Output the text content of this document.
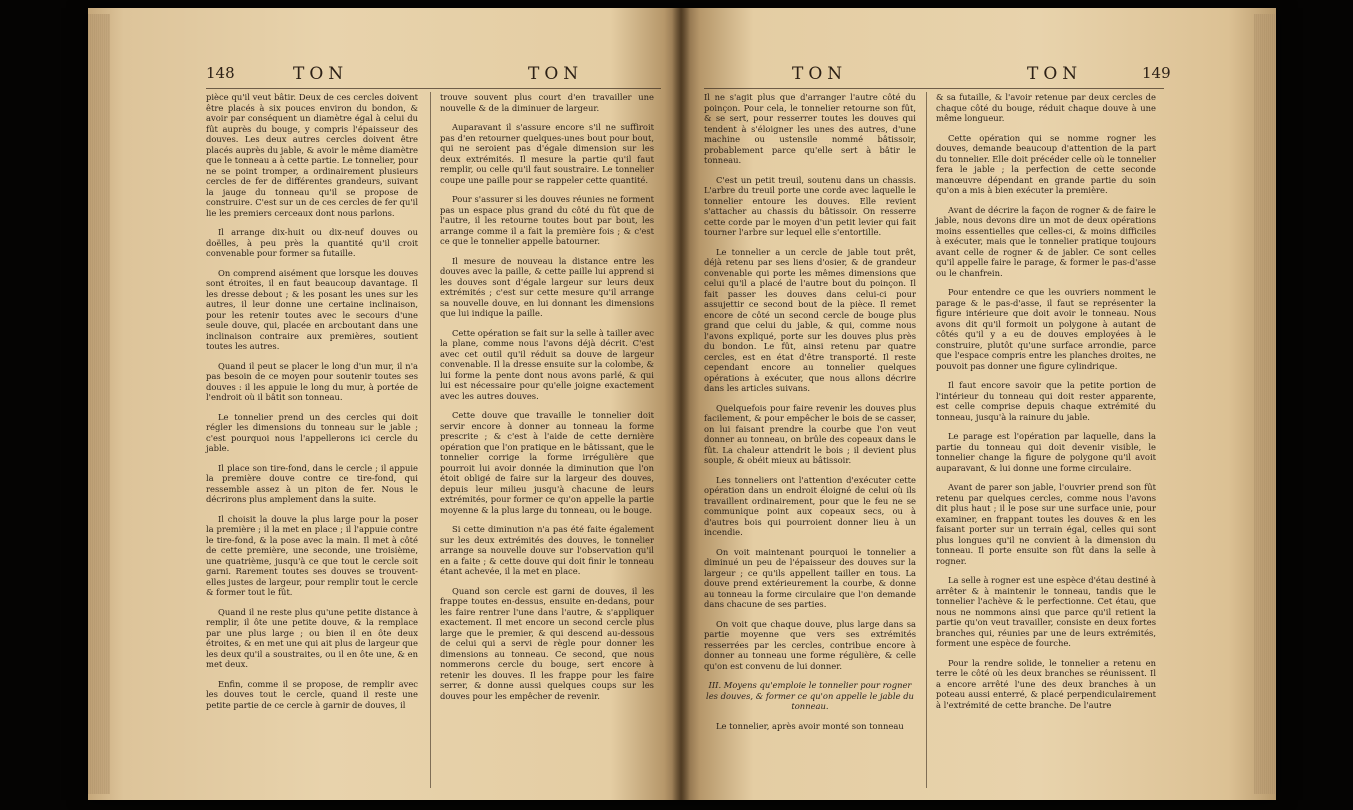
148	TON	TON

pièce qu'il veut bâtir. Deux de ces cercles doivent être placés à six pouces environ du bondon, & avoir par conséquent un diamètre égal à celui du fût auprès du bouge, y compris l'épaisseur des douves. Les deux autres cercles doivent être placés auprès du jable, & avoir le même diamètre que le tonneau a à cette partie. Le tonnelier, pour ne se point tromper, a ordinairement plusieurs cercles de fer de différentes grandeurs, suivant la jauge du tonneau qu'il se propose de construire. C'est sur un de ces cercles de fer qu'il lie les premiers cerceaux dont nous parlons.

Il arrange dix-huit ou dix-neuf douves ou doëlles, à peu près la quantité qu'il croit convenable pour former sa futaille.

On comprend aisément que lorsque les douves sont étroites, il en faut beaucoup davantage. Il les dresse debout ; & les posant les unes sur les autres, il leur donne une certaine inclinaison, pour les retenir toutes avec le secours d'une seule douve, qui, placée en arcboutant dans une inclinaison contraire aux premières, soutient toutes les autres.

Quand il peut se placer le long d'un mur, il n'a pas besoin de ce moyen pour soutenir toutes ses douves : il les appuie le long du mur, à portée de l'endroit où il bâtit son tonneau.

Le tonnelier prend un des cercles qui doit régler les dimensions du tonneau sur le jable ; c'est pourquoi nous l'appellerons ici cercle du jable.

Il place son tire-fond, dans le cercle ; il appuie la première douve contre ce tire-fond, qui ressemble assez à un piton de fer. Nous le décrirons plus amplement dans la suite.

Il choisit la douve la plus large pour la poser la première ; il la met en place ; il l'appuie contre le tire-fond, & la pose avec la main. Il met à côté de cette première, une seconde, une troisième, une quatrième, jusqu'à ce que tout le cercle soit garni. Rarement toutes ses douves se trouvent-elles justes de largeur, pour remplir tout le cercle & former tout le fût.

Quand il ne reste plus qu'une petite distance à remplir, il ôte une petite douve, & la remplace par une plus large ; ou bien il en ôte deux étroites, & en met une qui ait plus de largeur que les deux qu'il a soustraites, ou il en ôte une, & en met deux.

Enfin, comme il se propose, de remplir avec les douves tout le cercle, quand il reste une petite partie de ce cercle à garnir de douves, il

trouve souvent plus court d'en travailler une nouvelle & de la diminuer de largeur.

Auparavant il s'assure encore s'il ne suffiroit pas d'en retourner quelques-unes bout pour bout, qui ne seroient pas d'égale dimension sur les deux extrémités. Il mesure la partie qu'il faut remplir, ou celle qu'il faut soustraire. Le tonnelier coupe une paille pour se rappeler cette quantité.

Pour s'assurer si les douves réunies ne forment pas un espace plus grand du côté du fût que de l'autre, il les retourne toutes bout par bout, les arrange comme il a fait la première fois ; & c'est ce que le tonnelier appelle batourner.

Il mesure de nouveau la distance entre les douves avec la paille, & cette paille lui apprend si les douves sont d'égale largeur sur leurs deux extrémités ; c'est sur cette mesure qu'il arrange sa nouvelle douve, en lui donnant les dimensions que lui indique la paille.

Cette opération se fait sur la selle à tailler avec la plane, comme nous l'avons déjà décrit. C'est avec cet outil qu'il réduit sa douve de largeur convenable. Il la dresse ensuite sur la colombe, & lui forme la pente dont nous avons parlé, & qui lui est nécessaire pour qu'elle joigne exactement avec les autres douves.

Cette douve que travaille le tonnelier doit servir encore à donner au tonneau la forme prescrite ; & c'est à l'aide de cette dernière opération que l'on pratique en le bâtissant, que le tonnelier corrige la forme irrégulière que pourroit lui avoir donnée la diminution que l'on étoit obligé de faire sur la largeur des douves, depuis leur milieu jusqu'à chacune de leurs extrémités, pour former ce qu'on appelle la partie moyenne & la plus large du tonneau, ou le bouge.

Si cette diminution n'a pas été faite également sur les deux extrémités des douves, le tonnelier arrange sa nouvelle douve sur l'observation qu'il en a faite ; & cette douve qui doit finir le tonneau étant achevée, il la met en place.

Quand son cercle est garni de douves, il les frappe toutes en-dessus, ensuite en-dedans, pour les faire rentrer l'une dans l'autre, & s'appliquer exactement. Il met encore un second cercle plus large que le premier, & qui descend au-dessous de celui qui a servi de règle pour donner les dimensions au tonneau. Ce second, que nous nommerons cercle du bouge, sert encore à retenir les douves. Il les frappe pour les faire serrer, & donne aussi quelques coups sur les douves pour les empêcher de revenir.

TON	TON	149

Il ne s'agit plus que d'arranger l'autre côté du poinçon. Pour cela, le tonnelier retourne son fût, & se sert, pour resserrer toutes les douves qui tendent à s'éloigner les unes des autres, d'une machine ou ustensile nommé bâtissoir, probablement parce qu'elle sert à bâtir le tonneau.

C'est un petit treuil, soutenu dans un chassis. L'arbre du treuil porte une corde avec laquelle le tonnelier entoure les douves. Elle revient s'attacher au chassis du bâtissoir. On resserre cette corde par le moyen d'un petit levier qui fait tourner l'arbre sur lequel elle s'entortille.

Le tonnelier a un cercle de jable tout prêt, déjà retenu par ses liens d'osier, & de grandeur convenable qui porte les mêmes dimensions que celui qu'il a placé de l'autre bout du poinçon. Il fait passer les douves dans celui-ci pour assujettir ce second bout de la pièce. Il remet encore de côté un second cercle de bouge plus grand que celui du jable, & qui, comme nous l'avons expliqué, porte sur les douves plus près du bondon. Le fût, ainsi retenu par quatre cercles, est en état d'être transporté. Il reste cependant encore au tonnelier quelques opérations à exécuter, que nous allons décrire dans les articles suivans.

Quelquefois pour faire revenir les douves plus facilement, & pour empêcher le bois de se casser, on lui faisant prendre la courbe que l'on veut donner au tonneau, on brûle des copeaux dans le fût. La chaleur attendrit le bois ; il devient plus souple, & obéit mieux au bâtissoir.

Les tonneliers ont l'attention d'exécuter cette opération dans un endroit éloigné de celui où ils travaillent ordinairement, pour que le feu ne se communique point aux copeaux secs, ou à d'autres bois qui pourroient donner lieu à un incendie.

On voit maintenant pourquoi le tonnelier a diminué un peu de l'épaisseur des douves sur la largeur ; ce qu'ils appellent tailler en tous. La douve prend extérieurement la courbe, & donne au tonneau la forme circulaire que l'on demande dans chacune de ses parties.

On voit que chaque douve, plus large dans sa partie moyenne que vers ses extrémités resserrées par les cercles, contribue encore à donner au tonneau une forme régulière, & celle qu'on est convenu de lui donner.

III. Moyens qu'emploie le tonnelier pour rogner les douves, & former ce qu'on appelle le jable du tonneau.

Le tonnelier, après avoir monté son tonneau

& sa futaille, & l'avoir retenue par deux cercles de chaque côté du bouge, réduit chaque douve à une même longueur.

Cette opération qui se nomme rogner les douves, demande beaucoup d'attention de la part du tonnelier. Elle doit précéder celle où le tonnelier fera le jable ; la perfection de cette seconde manœuvre dépendant en grande partie du soin qu'on a mis à bien exécuter la première.

Avant de décrire la façon de rogner & de faire le jable, nous devons dire un mot de deux opérations moins essentielles que celles-ci, & moins difficiles à exécuter, mais que le tonnelier pratique toujours avant celle de rogner & de jabler. Ce sont celles qu'il appelle faire le parage, & former le pas-d'asse ou le chanfrein.

Pour entendre ce que les ouvriers nomment le parage & le pas-d'asse, il faut se représenter la figure intérieure que doit avoir le tonneau. Nous avons dit qu'il formoit un polygone à autant de côtés qu'il y a eu de douves employées à le construire, plutôt qu'une surface arrondie, parce que l'espace compris entre les planches droites, ne pouvoit pas donner une figure cylindrique.

Il faut encore savoir que la petite portion de l'intérieur du tonneau qui doit rester apparente, est celle comprise depuis chaque extrémité du tonneau, jusqu'à la rainure du jable.

Le parage est l'opération par laquelle, dans la partie du tonneau qui doit devenir visible, le tonnelier change la figure de polygone qu'il avoit auparavant, & lui donne une forme circulaire.

Avant de parer son jable, l'ouvrier prend son fût retenu par quelques cercles, comme nous l'avons dit plus haut ; il le pose sur une surface unie, pour examiner, en frappant toutes les douves & en les faisant porter sur un terrain égal, celles qui sont plus longues qu'il ne convient à la dimension du tonneau. Il porte ensuite son fût dans la selle à rogner.

La selle à rogner est une espèce d'étau destiné à arrêter & à maintenir le tonneau, tandis que le tonnelier l'achève & le perfectionne. Cet étau, que nous ne nommons ainsi que parce qu'il retient la partie qu'on veut travailler, consiste en deux fortes branches qui, réunies par une de leurs extrémités, forment une espèce de fourche.

Pour la rendre solide, le tonnelier a retenu en terre le côté où les deux branches se réunissent. Il a encore arrêté l'une des deux branches à un poteau aussi enterré, & placé perpendiculairement à l'extrémité de cette branche. De l'autre
